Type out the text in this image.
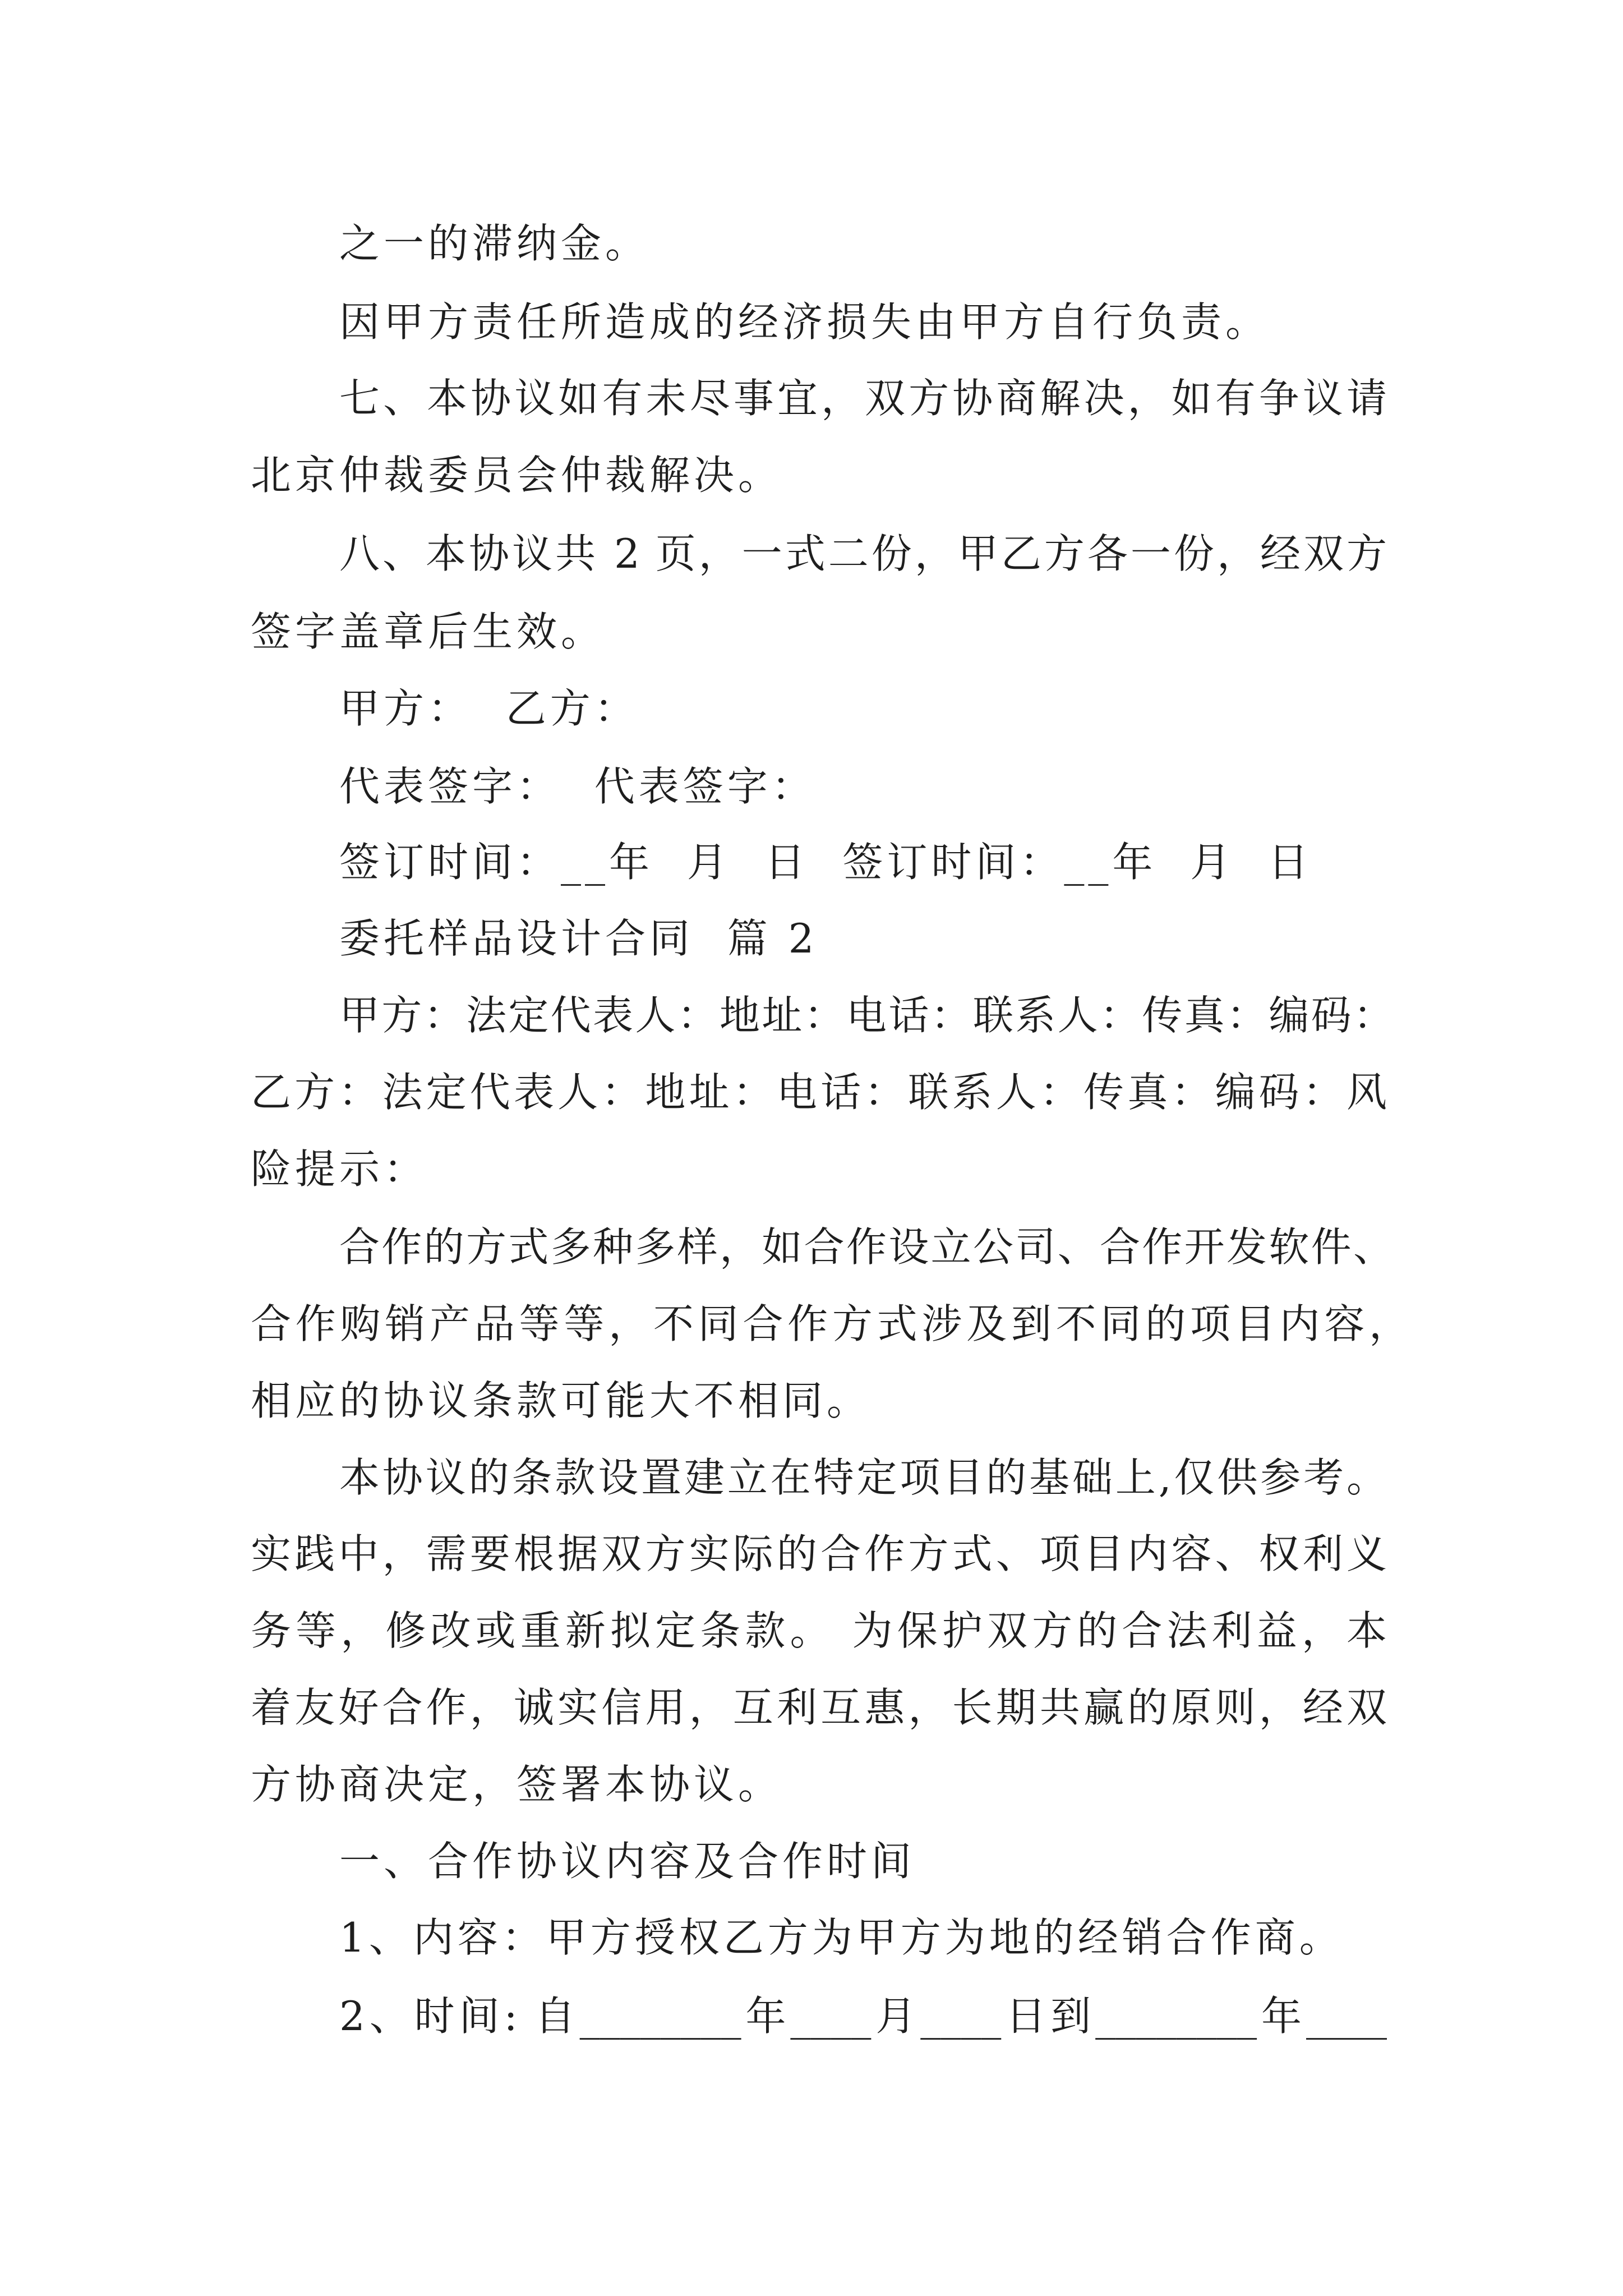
之一的滞纳金。
因甲方责任所造成的经济损失由甲方自行负责。
七、本协议如有未尽事宜，双方协商解决，如有争议请
北京仲裁委员会仲裁解决。
八、本协议共 2 页，一式二份，甲乙方各一份，经双方
签字盖章后生效。
甲方：  乙方：
代表签字：  代表签字：
签订时间：__年  月  日  签订时间：__年  月  日
委托样品设计合同  篇 2
甲方：法定代表人：地址：电话：联系人：传真：编码：
乙方：法定代表人：地址：电话：联系人：传真：编码：风
险提示：
合作的方式多种多样，如合作设立公司、合作开发软件、
合作购销产品等等，不同合作方式涉及到不同的项目内容，
相应的协议条款可能大不相同。
本协议的条款设置建立在特定项目的基础上,仅供参考。
实践中，需要根据双方实际的合作方式、项目内容、权利义
务等，修改或重新拟定条款。 为保护双方的合法利益，本
着友好合作，诚实信用，互利互惠，长期共赢的原则，经双
方协商决定，签署本协议。
一、合作协议内容及合作时间
1、内容：甲方授权乙方为甲方为地的经销合作商。
2、时间: 自________年____月____日到________年____
